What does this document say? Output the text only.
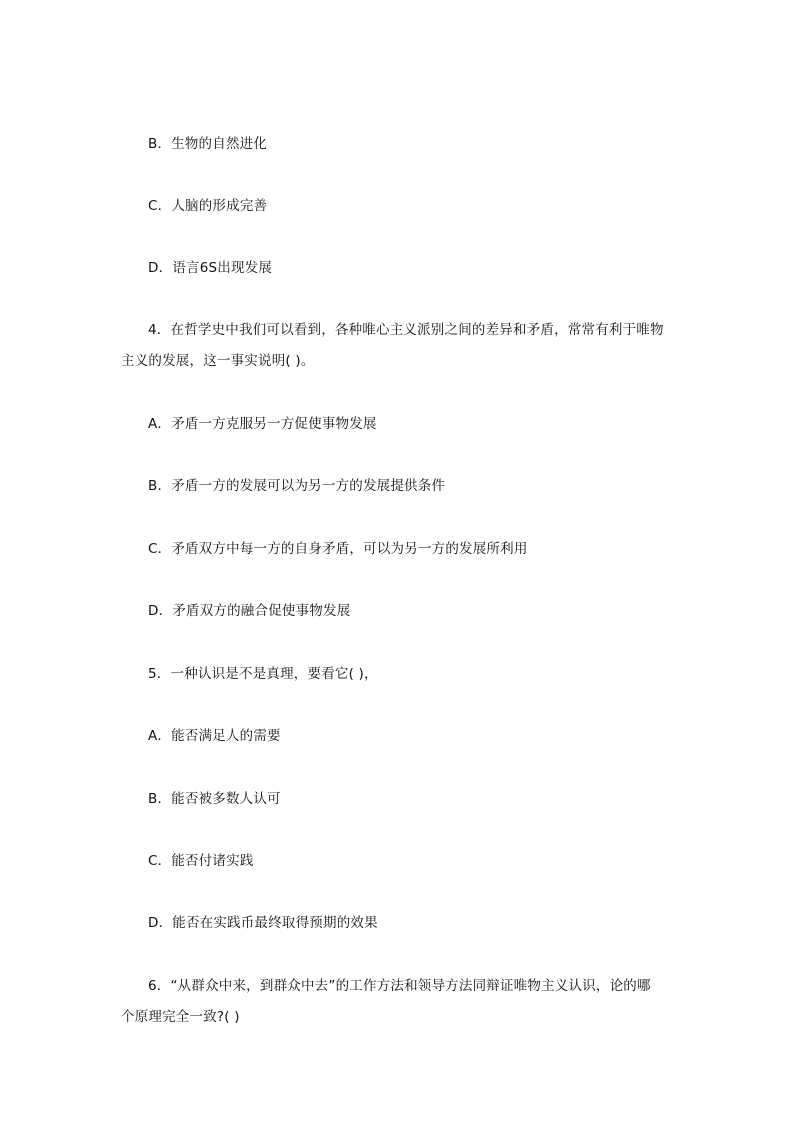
B．生物的自然进化
C．人脑的形成完善
D．语言6S出现发展
4．在哲学史中我们可以看到，各种唯心主义派别之间的差异和矛盾，常常有利于唯物
主义的发展，这一事实说明( )。
A．矛盾一方克服另一方促使事物发展
B．矛盾一方的发展可以为另一方的发展提供条件
C．矛盾双方中每一方的自身矛盾，可以为另一方的发展所利用
D．矛盾双方的融合促使事物发展
5．一种认识是不是真理，要看它( )，
A．能否满足人的需要
B．能否被多数人认可
C．能否付诸实践
D．能否在实践币最终取得预期的效果
6．“从群众中来，到群众中去”的工作方法和领导方法同辩证唯物主义认识，论的哪
个原理完全一致?( )
